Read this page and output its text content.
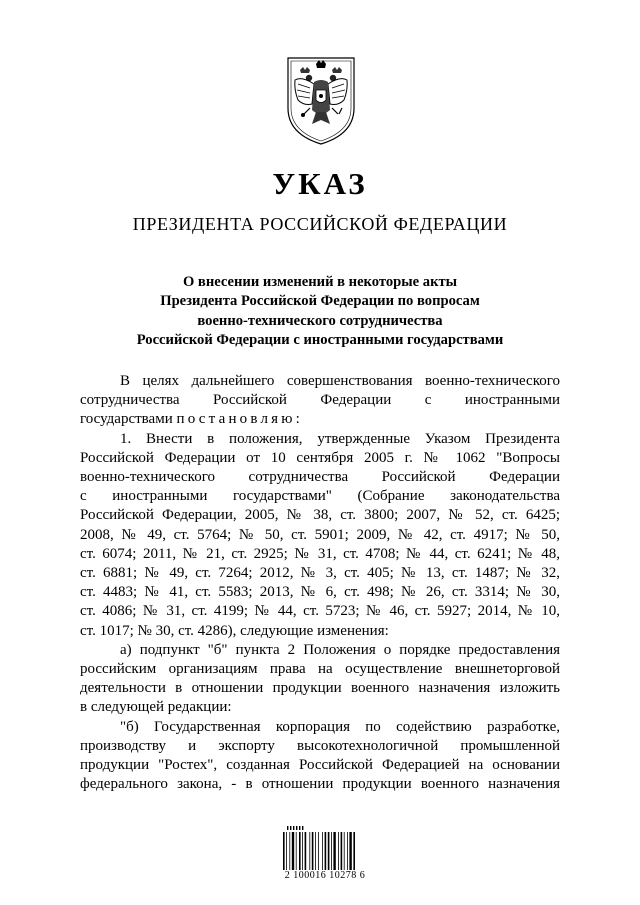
УКАЗ
ПРЕЗИДЕНТА РОССИЙСКОЙ ФЕДЕРАЦИИ
О внесении изменений в некоторые акты
Президента Российской Федерации по вопросам
военно-технического сотрудничества
Российской Федерации с иностранными государствами
В целях дальнейшего совершенствования военно-технического
сотрудничества Российской Федерации с иностранными
государствами постановляю:
1. Внести в положения, утвержденные Указом Президента
Российской Федерации от 10 сентября 2005 г. № 1062 "Вопросы
военно-технического сотрудничества Российской Федерации
с иностранными государствами" (Собрание законодательства
Российской Федерации, 2005, № 38, ст. 3800; 2007, № 52, ст. 6425;
2008, № 49, ст. 5764; № 50, ст. 5901; 2009, № 42, ст. 4917; № 50,
ст. 6074; 2011, № 21, ст. 2925; № 31, ст. 4708; № 44, ст. 6241; № 48,
ст. 6881; № 49, ст. 7264; 2012, № 3, ст. 405; № 13, ст. 1487; № 32,
ст. 4483; № 41, ст. 5583; 2013, № 6, ст. 498; № 26, ст. 3314; № 30,
ст. 4086; № 31, ст. 4199; № 44, ст. 5723; № 46, ст. 5927; 2014, № 10,
ст. 1017; № 30, ст. 4286), следующие изменения:
а) подпункт "б" пункта 2 Положения о порядке предоставления
российским организациям права на осуществление внешнеторговой
деятельности в отношении продукции военного назначения изложить
в следующей редакции:
"б) Государственная корпорация по содействию разработке,
производству и экспорту высокотехнологичной промышленной
продукции "Ростех", созданная Российской Федерацией на основании
федерального закона, - в отношении продукции военного назначения
2 100016 10278 6
